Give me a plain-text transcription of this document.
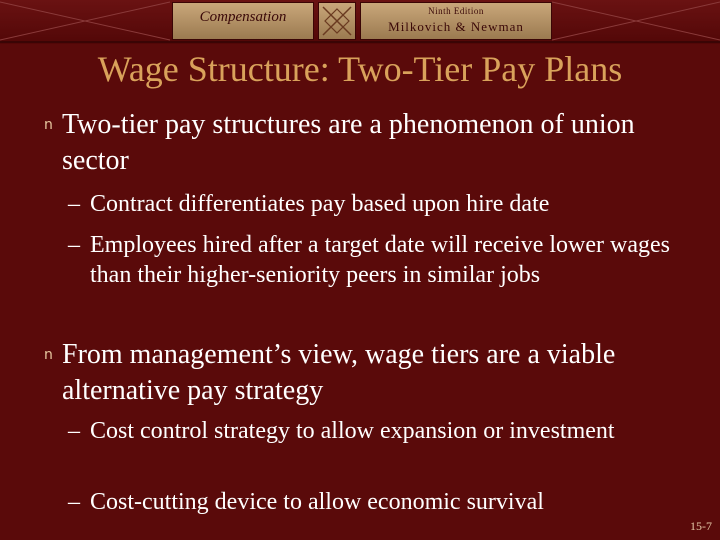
Compensation	Ninth Edition
Milkovich & Newman
Wage Structure: Two-Tier Pay Plans
n Two-tier pay structures are a phenomenon of union sector
– Contract differentiates pay based upon hire date
– Employees hired after a target date will receive lower wages than their higher-seniority peers in similar jobs
n From management’s view, wage tiers are a viable alternative pay strategy
– Cost control strategy to allow expansion or investment
– Cost-cutting device to allow economic survival
15-7
